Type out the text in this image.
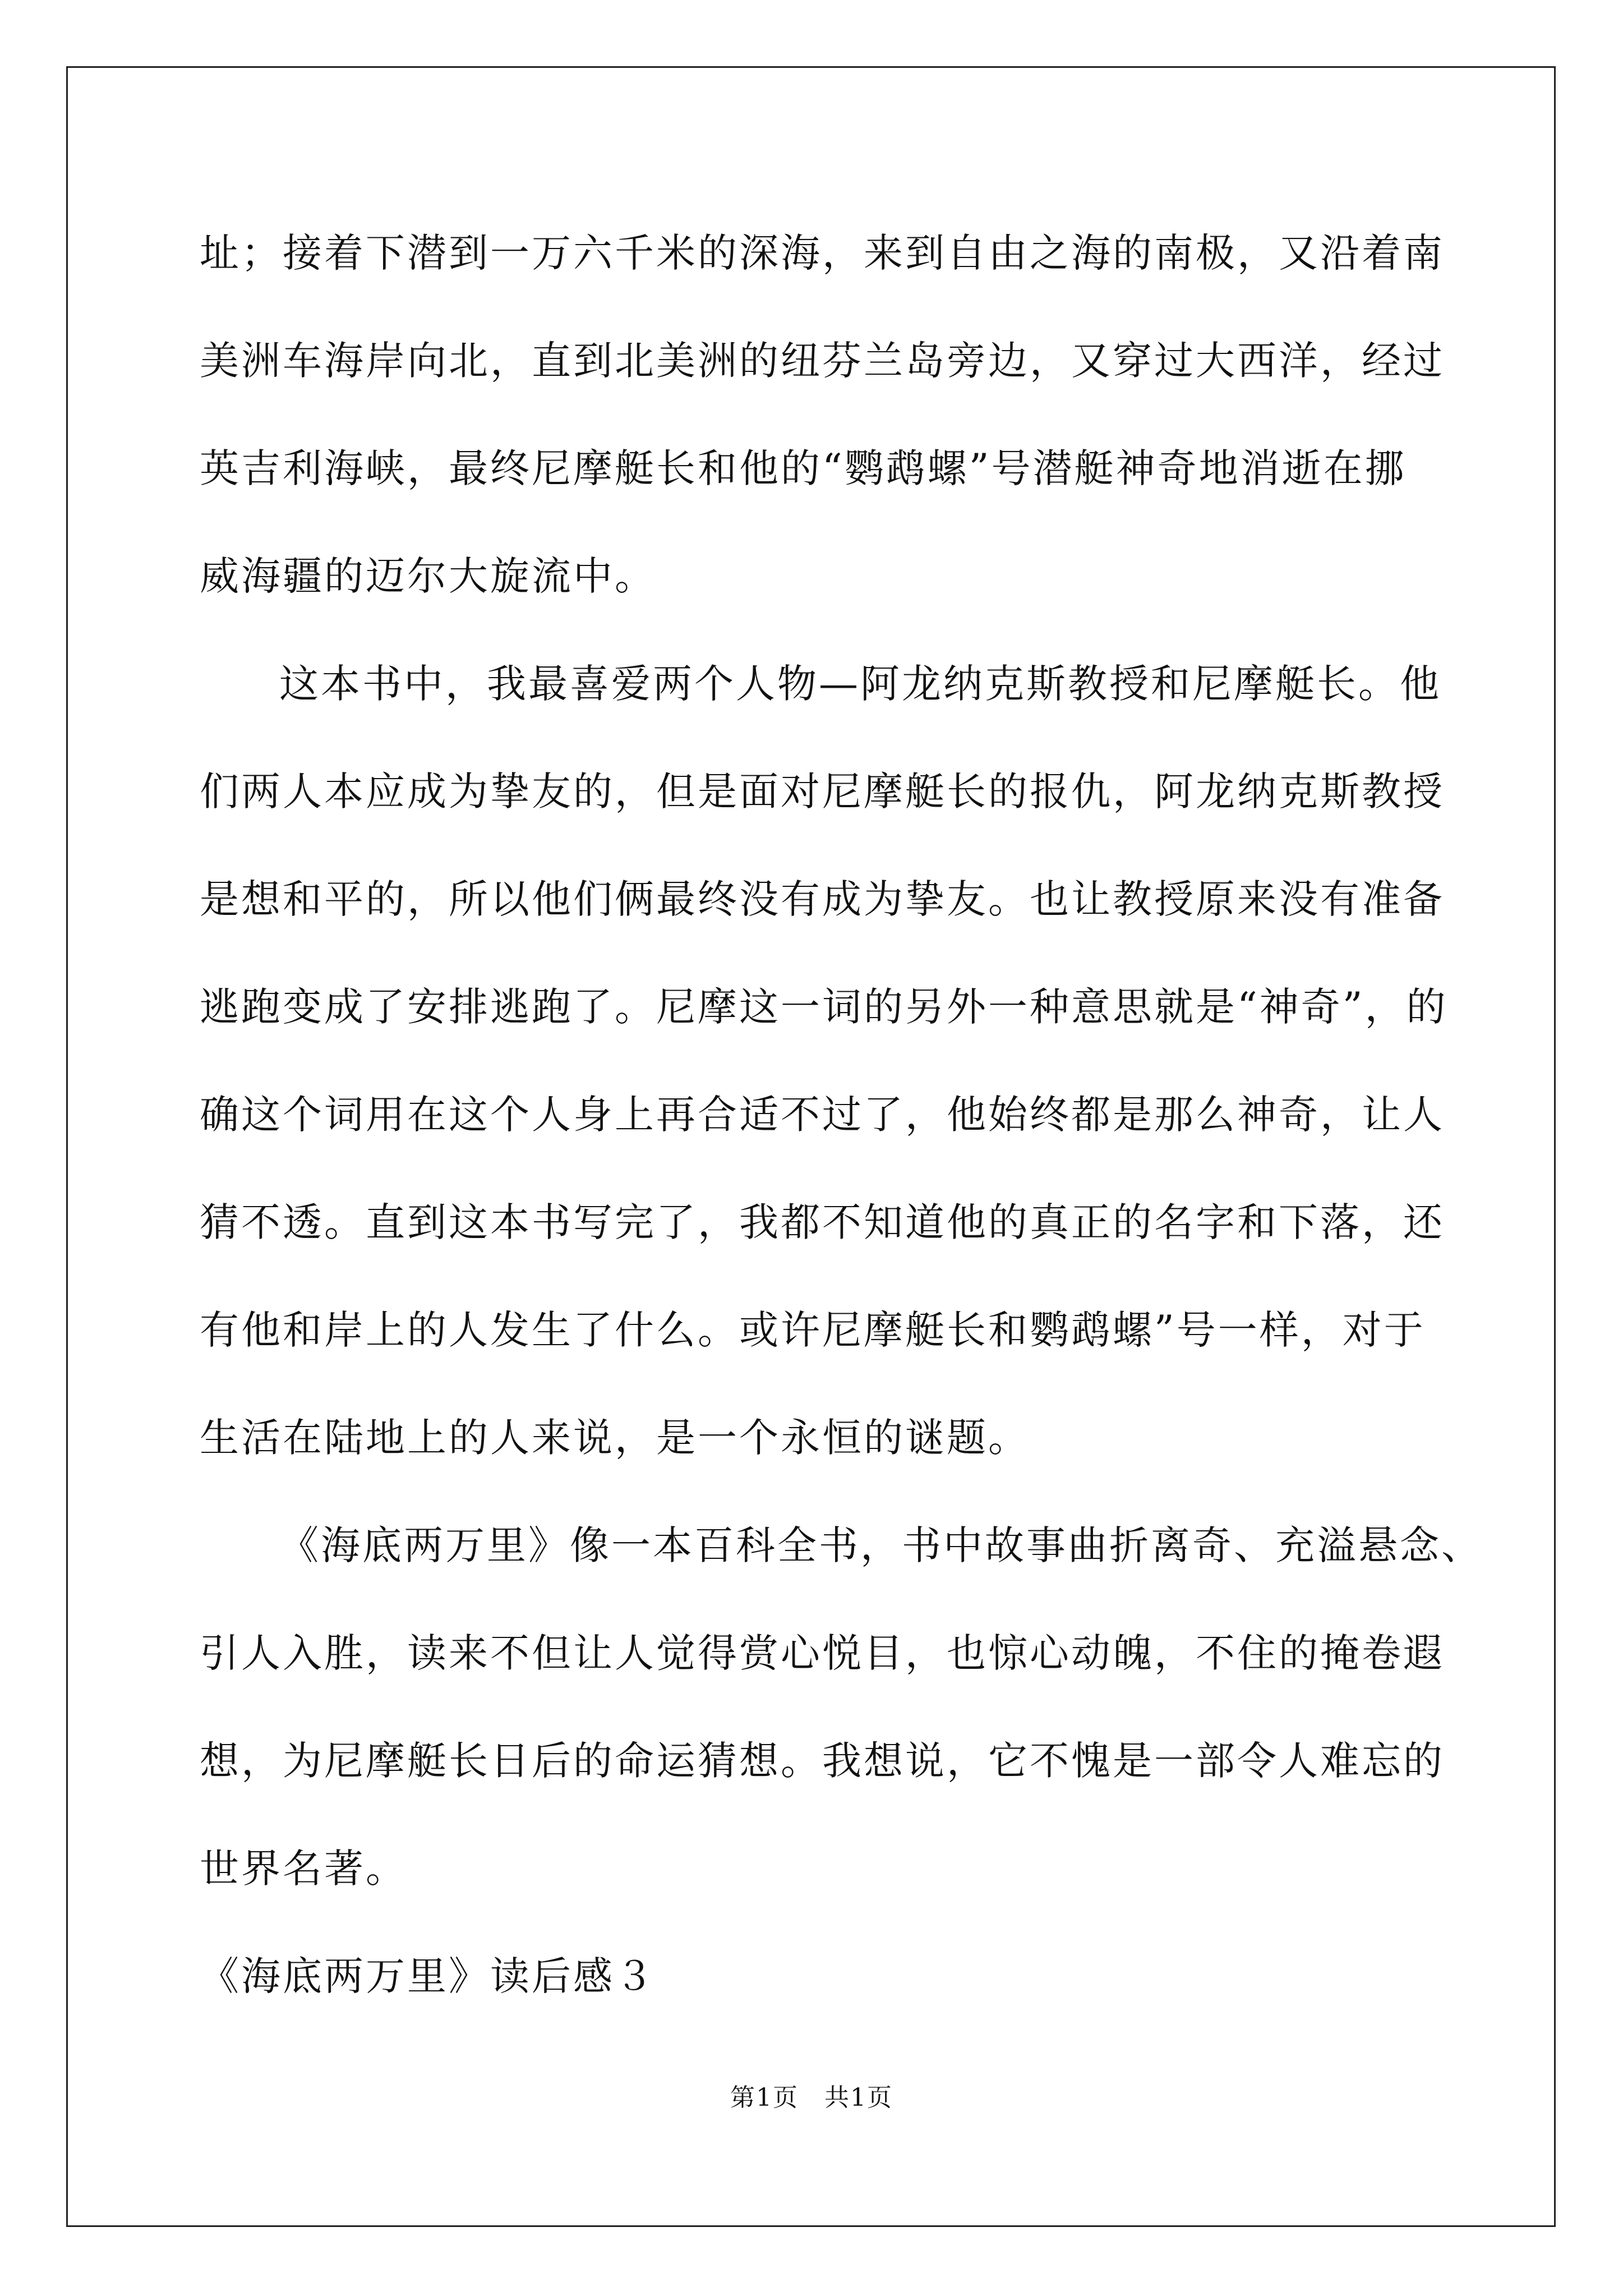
址；接着下潜到一万六千米的深海，来到自由之海的南极，又沿着南
美洲车海岸向北，直到北美洲的纽芬兰岛旁边，又穿过大西洋，经过
英吉利海峡，最终尼摩艇长和他的“鹦鹉螺”号潜艇神奇地消逝在挪
威海疆的迈尔大旋流中。
这本书中，我最喜爱两个人物—阿龙纳克斯教授和尼摩艇长。他
们两人本应成为挚友的，但是面对尼摩艇长的报仇，阿龙纳克斯教授
是想和平的，所以他们俩最终没有成为挚友。也让教授原来没有准备
逃跑变成了安排逃跑了。尼摩这一词的另外一种意思就是“神奇”，的
确这个词用在这个人身上再合适不过了，他始终都是那么神奇，让人
猜不透。直到这本书写完了，我都不知道他的真正的名字和下落，还
有他和岸上的人发生了什么。或许尼摩艇长和鹦鹉螺”号一样，对于
生活在陆地上的人来说，是一个永恒的谜题。
《海底两万里》像一本百科全书，书中故事曲折离奇、充溢悬念、
引人入胜，读来不但让人觉得赏心悦目，也惊心动魄，不住的掩卷遐
想，为尼摩艇长日后的命运猜想。我想说，它不愧是一部令人难忘的
世界名著。
《海底两万里》读后感３
第1页　共1页
